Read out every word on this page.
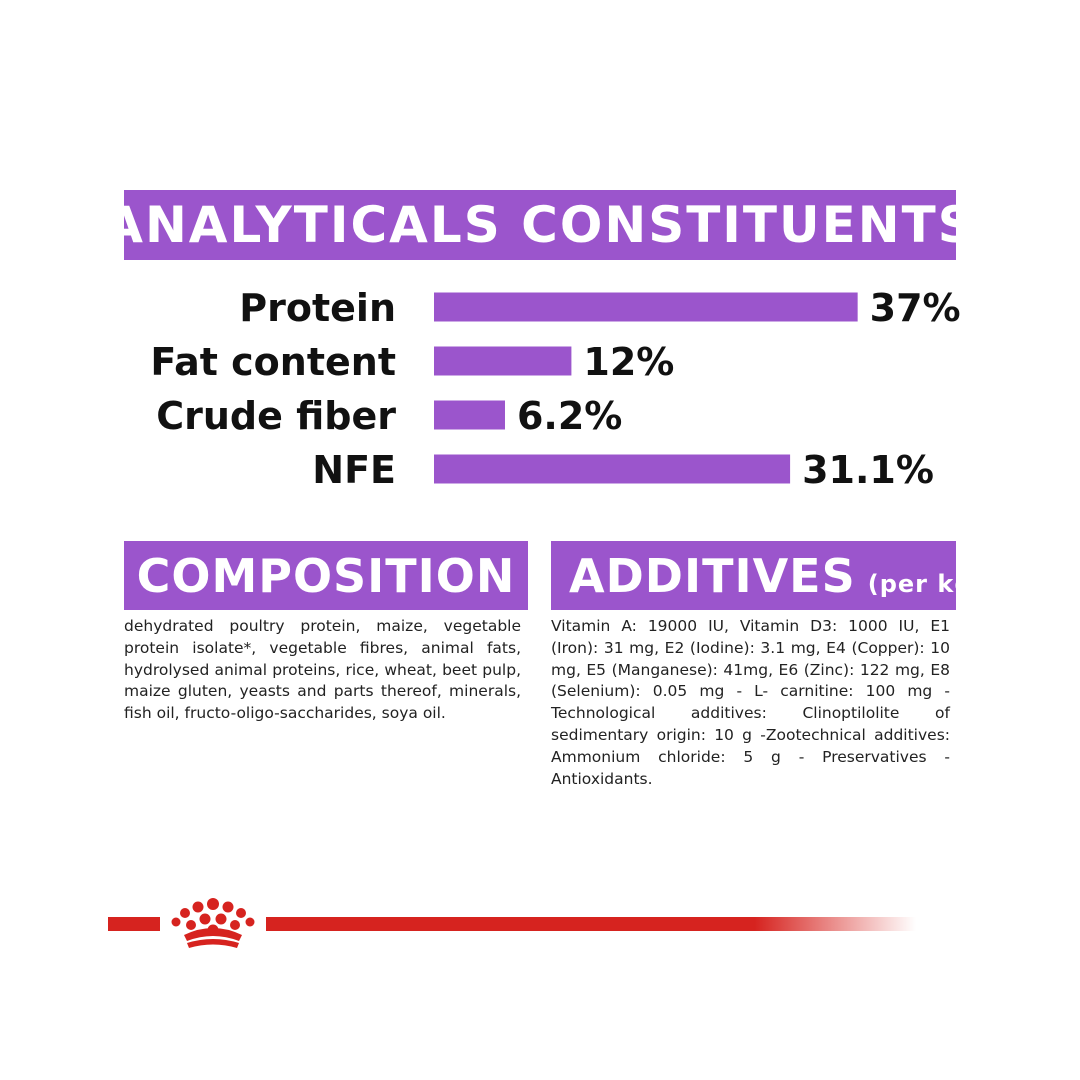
ANALYTICALS CONSTITUENTS
Protein	37%
Fat content	12%
Crude fiber	6.2%
NFE	31.1%
COMPOSITION

dehydrated poultry protein, maize, vegetable protein isolate*, vegetable fibres, animal fats, hydrolysed animal proteins, rice, wheat, beet pulp, maize gluten, yeasts and parts thereof, minerals, fish oil, fructo-oligo-saccharides, soya oil.

ADDITIVES (per kg)

Vitamin A: 19000 IU, Vitamin D3: 1000 IU, E1 (Iron): 31 mg, E2 (Iodine): 3.1 mg, E4 (Copper): 10 mg, E5 (Manganese): 41mg, E6 (Zinc): 122 mg, E8 (Selenium): 0.05 mg - L- carnitine: 100 mg - Technological additives: Clinoptilolite of sedimentary origin: 10 g -Zootechnical additives: Ammonium chloride: 5 g - Preservatives - Antioxidants.
